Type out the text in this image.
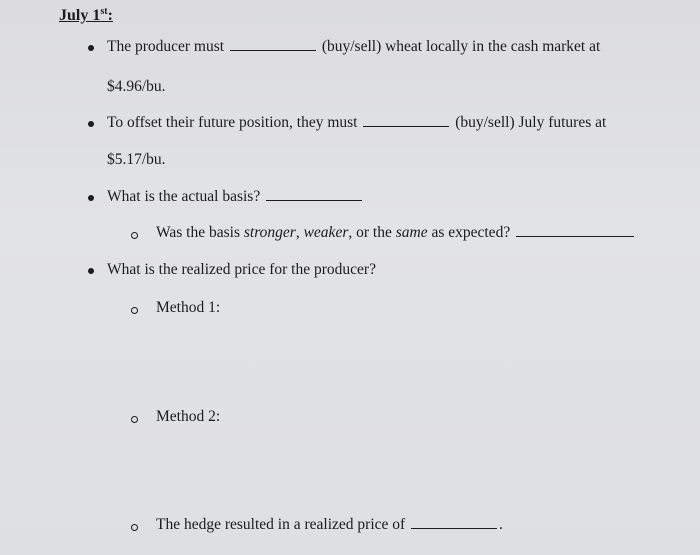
July 1st:
The producer must	(buy/sell) wheat locally in the cash market at
$4.96/bu.
To offset their future position, they must	(buy/sell) July futures at
$5.17/bu.
What is the actual basis?
Was the basis stronger, weaker, or the same as expected?
What is the realized price for the producer?
Method 1:
Method 2:
The hedge resulted in a realized price of	.
